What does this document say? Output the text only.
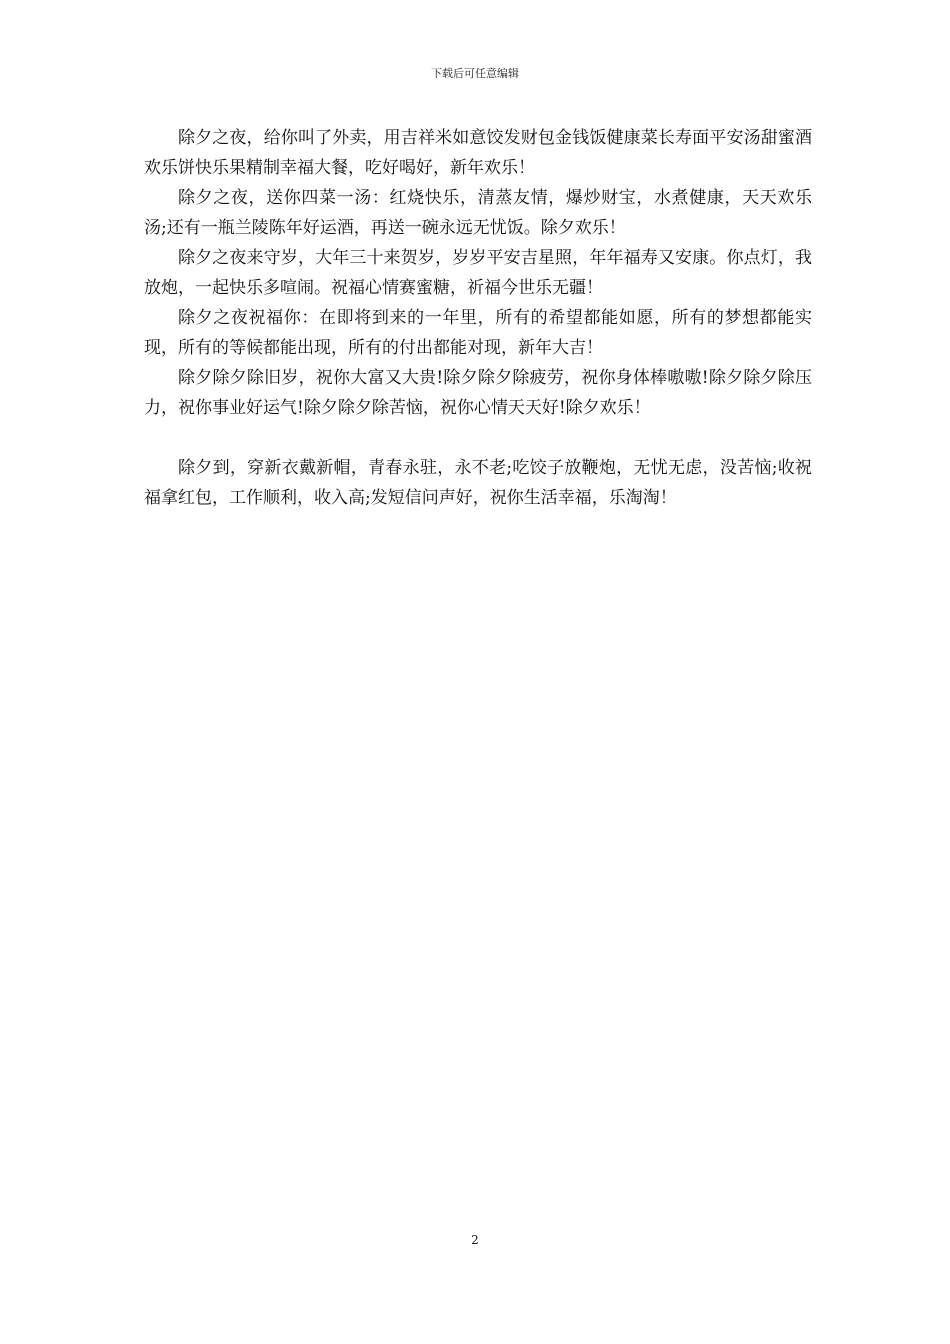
下载后可任意编辑

除夕之夜，给你叫了外卖，用吉祥米如意饺发财包金钱饭健康菜长寿面平安汤甜蜜酒欢乐饼快乐果精制幸福大餐，吃好喝好，新年欢乐！

除夕之夜，送你四菜一汤：红烧快乐，清蒸友情，爆炒财宝，水煮健康，天天欢乐汤;还有一瓶兰陵陈年好运酒，再送一碗永远无忧饭。除夕欢乐！

除夕之夜来守岁，大年三十来贺岁，岁岁平安吉星照，年年福寿又安康。你点灯，我放炮，一起快乐多喧闹。祝福心情赛蜜糖，祈福今世乐无疆！

除夕之夜祝福你：在即将到来的一年里，所有的希望都能如愿，所有的梦想都能实现，所有的等候都能出现，所有的付出都能对现，新年大吉！

除夕除夕除旧岁，祝你大富又大贵!除夕除夕除疲劳，祝你身体棒嗷嗷!除夕除夕除压力，祝你事业好运气!除夕除夕除苦恼，祝你心情天天好!除夕欢乐！

除夕到，穿新衣戴新帽，青春永驻，永不老;吃饺子放鞭炮，无忧无虑，没苦恼;收祝福拿红包，工作顺利，收入高;发短信问声好，祝你生活幸福，乐淘淘！

2
